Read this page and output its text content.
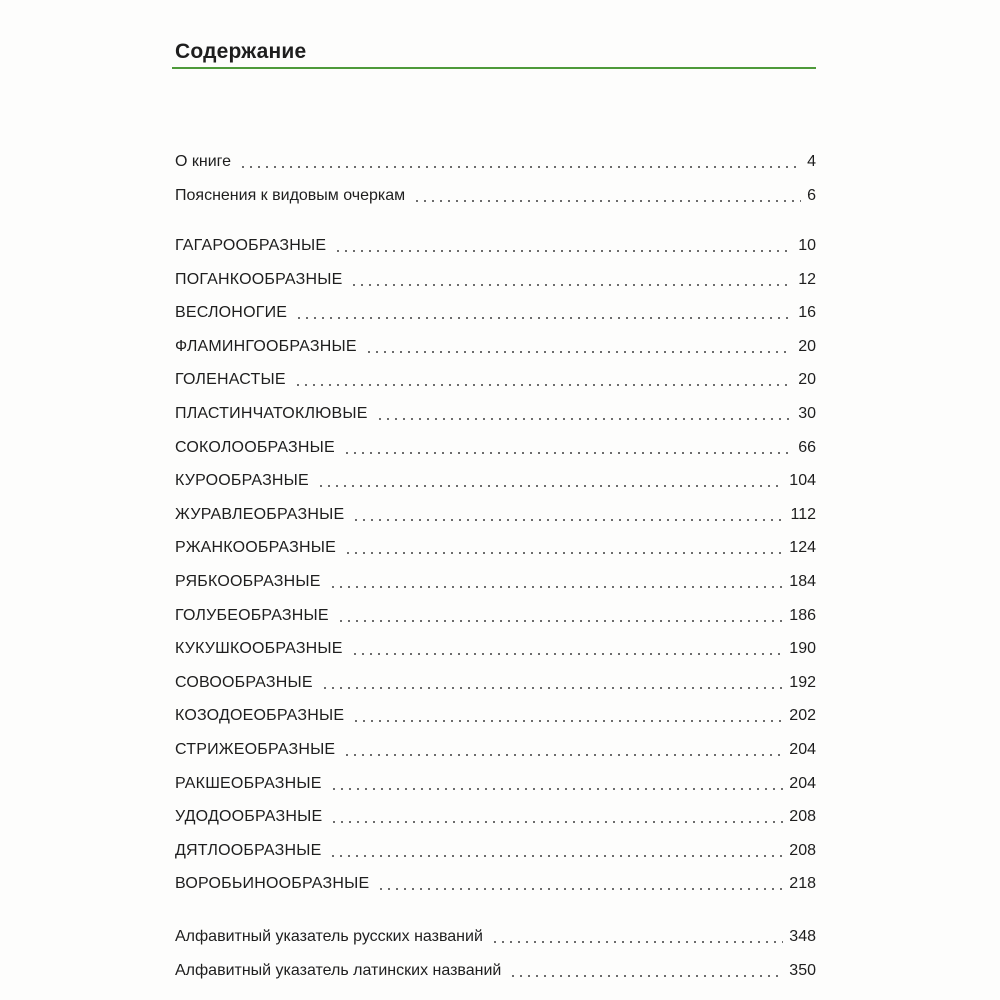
Содержание
О книге	4
Пояснения к видовым очеркам	6
ГАГАРООБРАЗНЫЕ	10
ПОГАНКООБРАЗНЫЕ	12
ВЕСЛОНОГИЕ	16
ФЛАМИНГООБРАЗНЫЕ	20
ГОЛЕНАСТЫЕ	20
ПЛАСТИНЧАТОКЛЮВЫЕ	30
СОКОЛООБРАЗНЫЕ	66
КУРООБРАЗНЫЕ	104
ЖУРАВЛЕОБРАЗНЫЕ	112
РЖАНКООБРАЗНЫЕ	124
РЯБКООБРАЗНЫЕ	184
ГОЛУБЕОБРАЗНЫЕ	186
КУКУШКООБРАЗНЫЕ	190
СОВООБРАЗНЫЕ	192
КОЗОДОЕОБРАЗНЫЕ	202
СТРИЖЕОБРАЗНЫЕ	204
РАКШЕОБРАЗНЫЕ	204
УДОДООБРАЗНЫЕ	208
ДЯТЛООБРАЗНЫЕ	208
ВОРОБЬИНООБРАЗНЫЕ	218
Алфавитный указатель русских названий	348
Алфавитный указатель латинских названий	350
